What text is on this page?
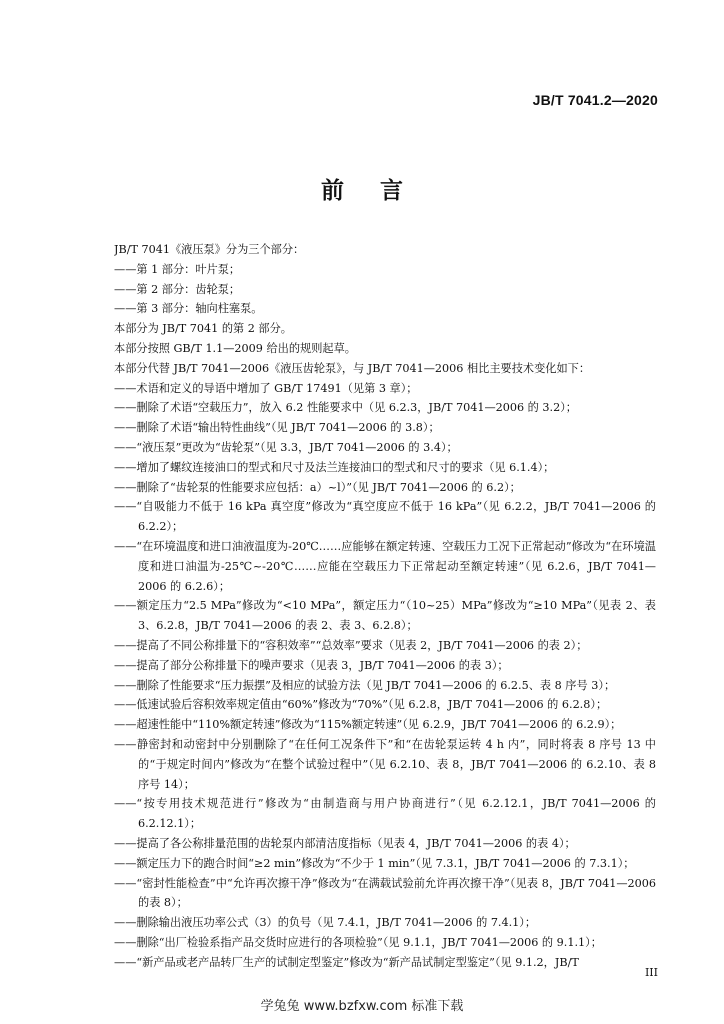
JB/T 7041.2—2020
前言

JB/T 7041《液压泵》分为三个部分：

——第 1 部分：叶片泵；

——第 2 部分：齿轮泵；

——第 3 部分：轴向柱塞泵。

本部分为 JB/T 7041 的第 2 部分。

本部分按照 GB/T 1.1—2009 给出的规则起草。

本部分代替 JB/T 7041—2006《液压齿轮泵》，与 JB/T 7041—2006 相比主要技术变化如下：

——术语和定义的导语中增加了 GB/T 17491（见第 3 章）；

——删除了术语“空载压力”，放入 6.2 性能要求中（见 6.2.3，JB/T 7041—2006 的 3.2）；

——删除了术语“输出特性曲线”（见 JB/T 7041—2006 的 3.8）；

——“液压泵”更改为“齿轮泵”（见 3.3，JB/T 7041—2006 的 3.4）；

——增加了螺纹连接油口的型式和尺寸及法兰连接油口的型式和尺寸的要求（见 6.1.4）；

——删除了“齿轮泵的性能要求应包括：a）~l）”（见 JB/T 7041—2006 的 6.2）；

——“自吸能力不低于 16 kPa 真空度”修改为“真空度应不低于 16 kPa”（见 6.2.2，JB/T 7041—2006 的 6.2.2）；

——“在环境温度和进口油液温度为-20℃……应能够在额定转速、空载压力工况下正常起动”修改为“在环境温度和进口油温为-25℃~-20℃……应能在空载压力下正常起动至额定转速”（见 6.2.6，JB/T 7041—2006 的 6.2.6）；

——额定压力“2.5 MPa”修改为“<10 MPa”，额定压力“（10~25）MPa”修改为“≥10 MPa”（见表 2、表 3、6.2.8，JB/T 7041—2006 的表 2、表 3、6.2.8）；

——提高了不同公称排量下的“容积效率”“总效率”要求（见表 2，JB/T 7041—2006 的表 2）；

——提高了部分公称排量下的噪声要求（见表 3，JB/T 7041—2006 的表 3）；

——删除了性能要求“压力振摆”及相应的试验方法（见 JB/T 7041—2006 的 6.2.5、表 8 序号 3）；

——低速试验后容积效率规定值由“60%”修改为“70%”（见 6.2.8，JB/T 7041—2006 的 6.2.8）；

——超速性能中“110%额定转速”修改为“115%额定转速”（见 6.2.9，JB/T 7041—2006 的 6.2.9）；

——静密封和动密封中分别删除了“在任何工况条件下”和“在齿轮泵运转 4 h 内”，同时将表 8 序号 13 中的“于规定时间内”修改为“在整个试验过程中”（见 6.2.10、表 8，JB/T 7041—2006 的 6.2.10、表 8 序号 14）；

——“按专用技术规范进行”修改为“由制造商与用户协商进行”（见 6.2.12.1，JB/T 7041—2006 的 6.2.12.1）；

——提高了各公称排量范围的齿轮泵内部清洁度指标（见表 4，JB/T 7041—2006 的表 4）；

——额定压力下的跑合时间“≥2 min”修改为“不少于 1 min”（见 7.3.1，JB/T 7041—2006 的 7.3.1）；

——“密封性能检查”中“允许再次擦干净”修改为“在满载试验前允许再次擦干净”（见表 8，JB/T 7041—2006 的表 8）；

——删除输出液压功率公式（3）的负号（见 7.4.1，JB/T 7041—2006 的 7.4.1）；

——删除“出厂检验系指产品交货时应进行的各项检验”（见 9.1.1，JB/T 7041—2006 的 9.1.1）；

——“新产品或老产品转厂生产的试制定型鉴定”修改为“新产品试制定型鉴定”（见 9.1.2，JB/T

III
学兔兔 www.bzfxw.com 标准下载
